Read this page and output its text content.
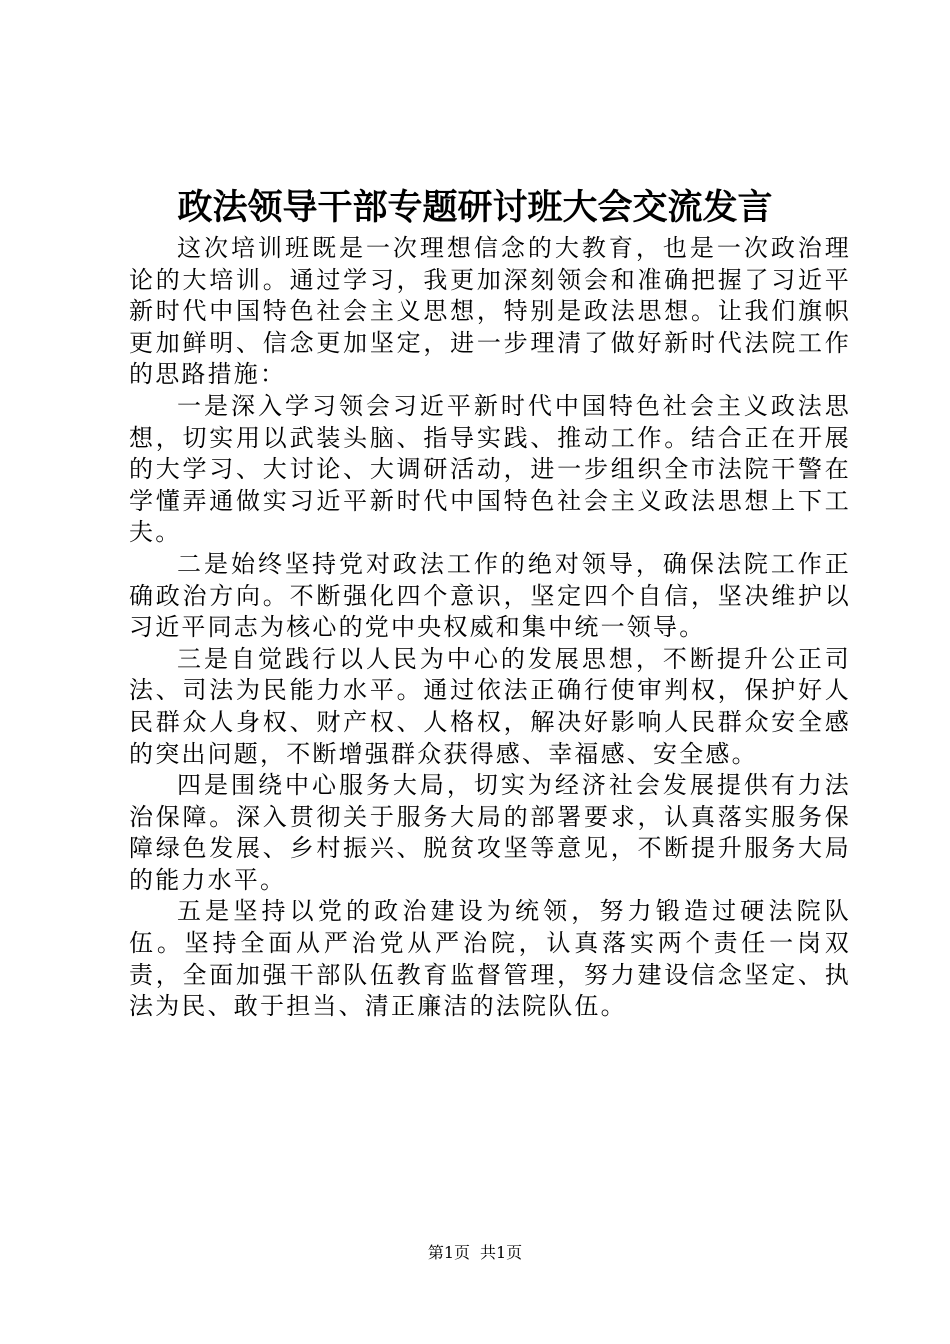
政法领导干部专题研讨班大会交流发言

这次培训班既是一次理想信念的大教育，也是一次政治理论的大培训。通过学习，我更加深刻领会和准确把握了习近平新时代中国特色社会主义思想，特别是政法思想。让我们旗帜更加鲜明、信念更加坚定，进一步理清了做好新时代法院工作的思路措施：

一是深入学习领会习近平新时代中国特色社会主义政法思想，切实用以武装头脑、指导实践、推动工作。结合正在开展的大学习、大讨论、大调研活动，进一步组织全市法院干警在学懂弄通做实习近平新时代中国特色社会主义政法思想上下工夫。

二是始终坚持党对政法工作的绝对领导，确保法院工作正确政治方向。不断强化四个意识，坚定四个自信，坚决维护以习近平同志为核心的党中央权威和集中统一领导。

三是自觉践行以人民为中心的发展思想，不断提升公正司法、司法为民能力水平。通过依法正确行使审判权，保护好人民群众人身权、财产权、人格权，解决好影响人民群众安全感的突出问题，不断增强群众获得感、幸福感、安全感。

四是围绕中心服务大局，切实为经济社会发展提供有力法治保障。深入贯彻关于服务大局的部署要求，认真落实服务保障绿色发展、乡村振兴、脱贫攻坚等意见，不断提升服务大局的能力水平。

五是坚持以党的政治建设为统领，努力锻造过硬法院队伍。坚持全面从严治党从严治院，认真落实两个责任一岗双责，全面加强干部队伍教育监督管理，努力建设信念坚定、执法为民、敢于担当、清正廉洁的法院队伍。

第1页 共1页
